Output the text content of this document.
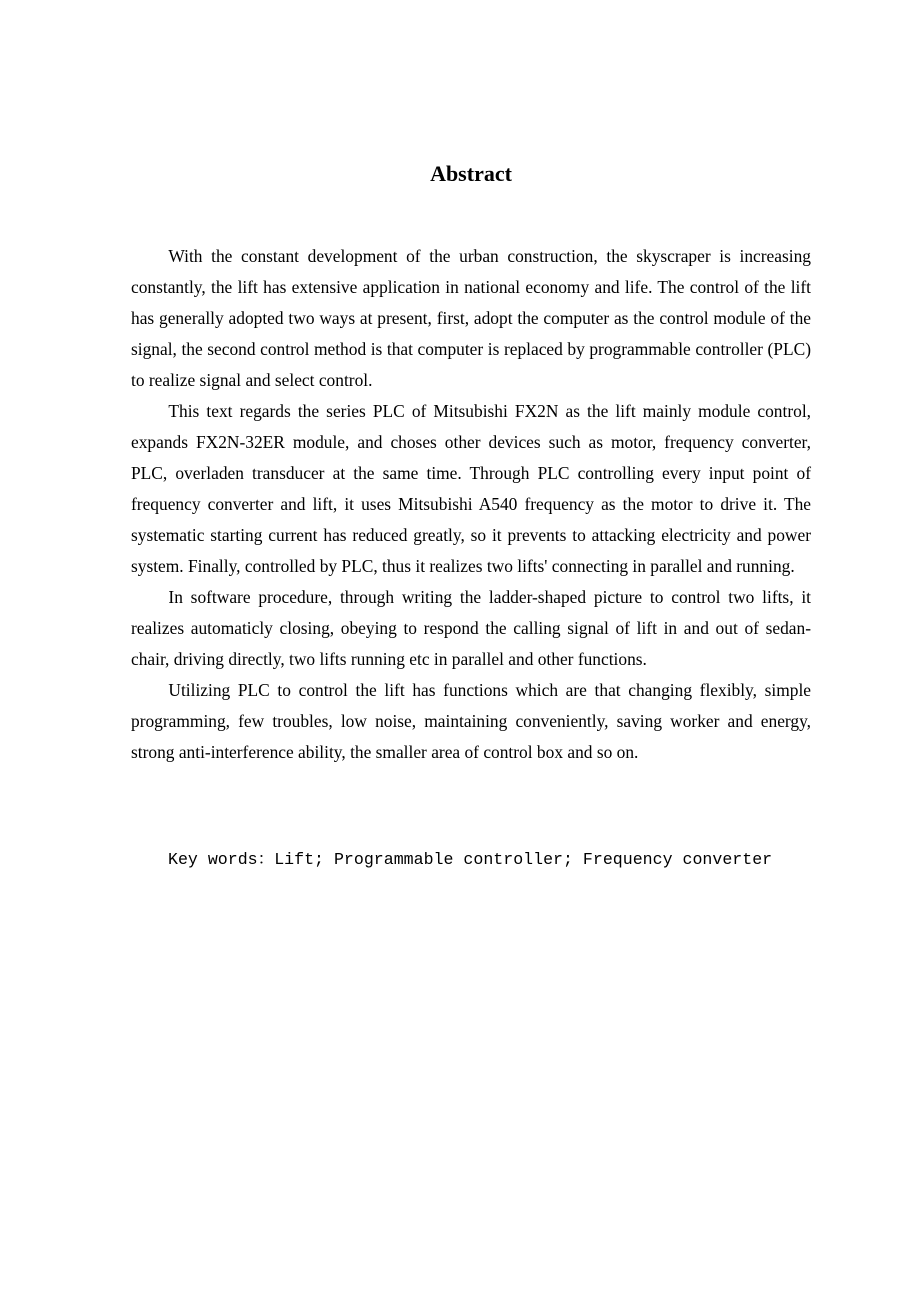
Abstract

With the constant development of the urban construction, the skyscraper is increasing constantly, the lift has extensive application in national economy and life. The control of the lift has generally adopted two ways at present, first, adopt the computer as the control module of the signal, the second control method is that computer is replaced by programmable controller (PLC) to realize signal and select control.

This text regards the series PLC of Mitsubishi FX2N as the lift mainly module control, expands FX2N-32ER module, and choses other devices such as motor, frequency converter, PLC, overladen transducer at the same time. Through PLC controlling every input point of frequency converter and lift, it uses Mitsubishi A540 frequency as the motor to drive it. The systematic starting current has reduced greatly, so it prevents to attacking electricity and power system. Finally, controlled by PLC, thus it realizes two lifts' connecting in parallel and running.

In software procedure, through writing the ladder-shaped picture to control two lifts, it realizes automaticly closing, obeying to respond the calling signal of lift in and out of sedan-chair, driving directly, two lifts running etc in parallel and other functions.

Utilizing PLC to control the lift has functions which are that changing flexibly, simple programming, few troubles, low noise, maintaining conveniently, saving worker and energy, strong anti-interference ability, the smaller area of control box and so on.

Key words：Lift; Programmable controller; Frequency converter
